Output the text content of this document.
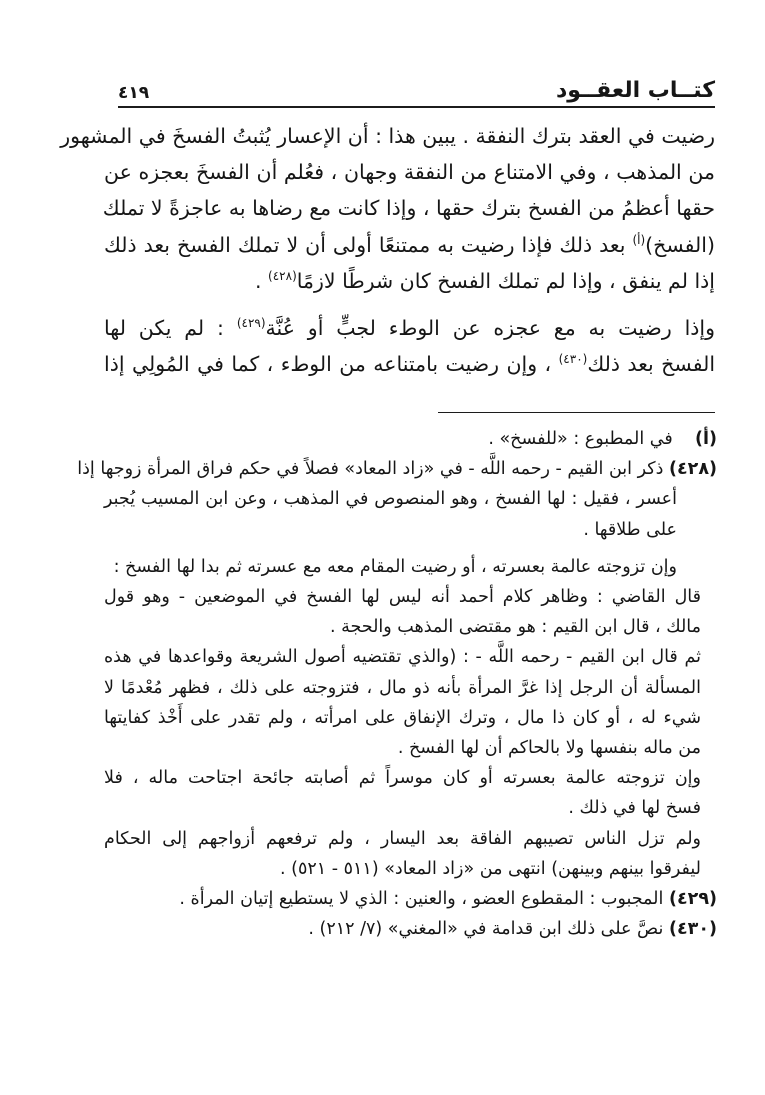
كتــاب العقــود
٤١٩
رضيت في العقد بترك النفقة . يبين هذا : أن الإعسار يُثبتُ الفسخَ في المشهور
من المذهب ، وفي الامتناع من النفقة وجهان ، فعُلم أن الفسخَ بعجزه عن
حقها أعظمُ من الفسخ بترك حقها ، وإذا كانت مع رضاها به عاجزةً لا تملك
(الفسخ)$^{(أ)}$ بعد ذلك فإذا رضيت به ممتنعًا أولى أن لا تملك الفسخ بعد ذلك
إذا لم ينفق ، وإذا لم تملك الفسخ كان شرطًا لازمًا$^{(٤٢٨)}$ .
وإذا رضيت به مع عجزه عن الوطء لجبٍّ أو عُنَّة$^{(٤٢٩)}$ : لم يكن لها
الفسخ بعد ذلك$^{(٤٣٠)}$ ، وإن رضيت بامتناعه من الوطء ، كما في المُولِي إذا
(أ)    في المطبوع : «للفسخ» .
(٤٢٨) ذكر ابن القيم - رحمه اللَّه - في «زاد المعاد» فصلاً في حكم فراق المرأة زوجها إذا
أعسر ، فقيل : لها الفسخ ، وهو المنصوص في المذهب ، وعن ابن المسيب يُجبر
على طلاقها .
وإن تزوجته عالمة بعسرته ، أو رضيت المقام معه مع عسرته ثم بدا لها الفسخ :
قال القاضي : وظاهر كلام أحمد أنه ليس لها الفسخ في الموضعين - وهو قول
مالك ، قال ابن القيم : هو مقتضى المذهب والحجة .
ثم قال ابن القيم - رحمه اللَّه - : (والذي تقتضيه أصول الشريعة وقواعدها في هذه
المسألة أن الرجل إذا غرَّ المرأة بأنه ذو مال ، فتزوجته على ذلك ، فظهر مُعْدمًا لا
شيء له ، أو كان ذا مال ، وترك الإنفاق على امرأته ، ولم تقدر على أَخْذ كفايتها
من ماله بنفسها ولا بالحاكم أن لها الفسخ .
وإن تزوجته عالمة بعسرته أو كان موسراً ثم أصابته جائحة اجتاحت ماله ، فلا
فسخ لها في ذلك .
ولم تزل الناس تصيبهم الفاقة بعد اليسار ، ولم ترفعهم أزواجهم إلى الحكام
ليفرقوا بينهم وبينهن) انتهى من «زاد المعاد» (٥١١ - ٥٢١) .
(٤٢٩) المجبوب : المقطوع العضو ، والعنين : الذي لا يستطيع إتيان المرأة .
(٤٣٠) نصَّ على ذلك ابن قدامة في «المغني» (٧/ ٢١٢) .
